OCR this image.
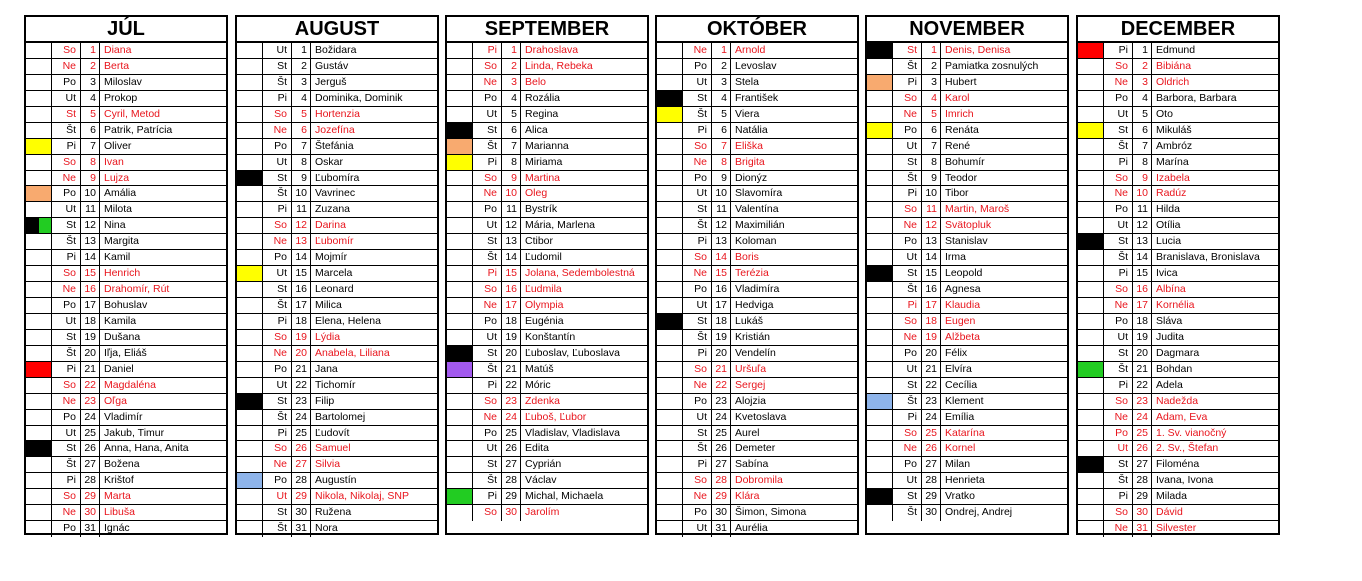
JÚL
So	1 Diana
Ne	2 Berta
Po	3 Miloslav
Ut	4 Prokop
St	5 Cyril, Metod
Št	6 Patrik, Patrícia
Pi	7 Oliver
So	8 Ivan
Ne	9 Lujza
Po 10 Amália
Ut 11 Milota
St 12 Nina
Št 13 Margita
Pi 14 Kamil
So 15 Henrich
Ne 16 Drahomír, Rút
Po 17 Bohuslav
Ut 18 Kamila
St 19 Dušana
Št 20 Iľja, Eliáš
Pi 21 Daniel
So 22 Magdaléna
Ne 23 Oľga
Po 24 Vladimír
Ut 25 Jakub, Timur
St 26 Anna, Hana, Anita
Št 27 Božena
Pi 28 Krištof
So 29 Marta
Ne 30 Libuša
Po 31 Ignác
AUGUST
Ut	1 Božidara
St	2 Gustáv
Št	3 Jerguš
Pi	4 Dominika, Dominik
So	5 Hortenzia
Ne	6 Jozefína
Po	7 Štefánia
Ut	8 Oskar
St	9 Ľubomíra
Št 10 Vavrinec
Pi 11 Zuzana
So 12 Darina
Ne 13 Ľubomír
Po 14 Mojmír
Ut 15 Marcela
St 16 Leonard
Št 17 Milica
Pi 18 Elena, Helena
So 19 Lýdia
Ne 20 Anabela, Liliana
Po 21 Jana
Ut 22 Tichomír
St 23 Filip
Št 24 Bartolomej
Pi 25 Ľudovít
So 26 Samuel
Ne 27 Silvia
Po 28 Augustín
Ut 29 Nikola, Nikolaj, SNP
St 30 Ružena
Št 31 Nora
SEPTEMBER
Pi	1 Drahoslava
So	2 Linda, Rebeka
Ne	3 Belo
Po	4 Rozália
Ut	5 Regina
St	6 Alica
Št	7 Marianna
Pi	8 Miriama
So	9 Martina
Ne 10 Oleg
Po 11 Bystrík
Ut 12 Mária, Marlena
St 13 Ctibor
Št 14 Ľudomil
Pi 15 Jolana, Sedembolestná
So 16 Ľudmila
Ne 17 Olympia
Po 18 Eugénia
Ut 19 Konštantín
St 20 Ľuboslav, Ľuboslava
Št 21 Matúš
Pi 22 Móric
So 23 Zdenka
Ne 24 Ľuboš, Ľubor
Po 25 Vladislav, Vladislava
Ut 26 Edita
St 27 Cyprián
Št 28 Václav
Pi 29 Michal, Michaela
So 30 Jarolím
OKTÓBER
Ne	1 Arnold
Po	2 Levoslav
Ut	3 Stela
St	4 František
Št	5 Viera
Pi	6 Natália
So	7 Eliška
Ne	8 Brigita
Po	9 Dionýz
Ut 10 Slavomíra
St 11 Valentína
Št 12 Maximilián
Pi 13 Koloman
So 14 Boris
Ne 15 Terézia
Po 16 Vladimíra
Ut 17 Hedviga
St 18 Lukáš
Št 19 Kristián
Pi 20 Vendelín
So 21 Uršuľa
Ne 22 Sergej
Po 23 Alojzia
Ut 24 Kvetoslava
St 25 Aurel
Št 26 Demeter
Pi 27 Sabína
So 28 Dobromila
Ne 29 Klára
Po 30 Šimon, Simona
Ut 31 Aurélia
NOVEMBER
St	1 Denis, Denisa
Št	2 Pamiatka zosnulých
Pi	3 Hubert
So	4 Karol
Ne	5 Imrich
Po	6 Renáta
Ut	7 René
St	8 Bohumír
Št	9 Teodor
Pi 10 Tibor
So 11 Martin, Maroš
Ne 12 Svätopluk
Po 13 Stanislav
Ut 14 Irma
St 15 Leopold
Št 16 Agnesa
Pi 17 Klaudia
So 18 Eugen
Ne 19 Alžbeta
Po 20 Félix
Ut 21 Elvíra
St 22 Cecília
Št 23 Klement
Pi 24 Emília
So 25 Katarína
Ne 26 Kornel
Po 27 Milan
Ut 28 Henrieta
St 29 Vratko
Št 30 Ondrej, Andrej
DECEMBER
Pi	1 Edmund
So	2 Bibiána
Ne	3 Oldrich
Po	4 Barbora, Barbara
Ut	5 Oto
St	6 Mikuláš
Št	7 Ambróz
Pi	8 Marína
So	9 Izabela
Ne 10 Radúz
Po 11 Hilda
Ut 12 Otília
St 13 Lucia
Št 14 Branislava, Bronislava
Pi 15 Ivica
So 16 Albína
Ne 17 Kornélia
Po 18 Sláva
Ut 19 Judita
St 20 Dagmara
Št 21 Bohdan
Pi 22 Adela
So 23 Nadežda
Ne 24 Adam, Eva
Po 25 1. Sv. vianočný
Ut 26 2. Sv., Štefan
St 27 Filoména
Št 28 Ivana, Ivona
Pi 29 Milada
So 30 Dávid
Ne 31 Silvester
